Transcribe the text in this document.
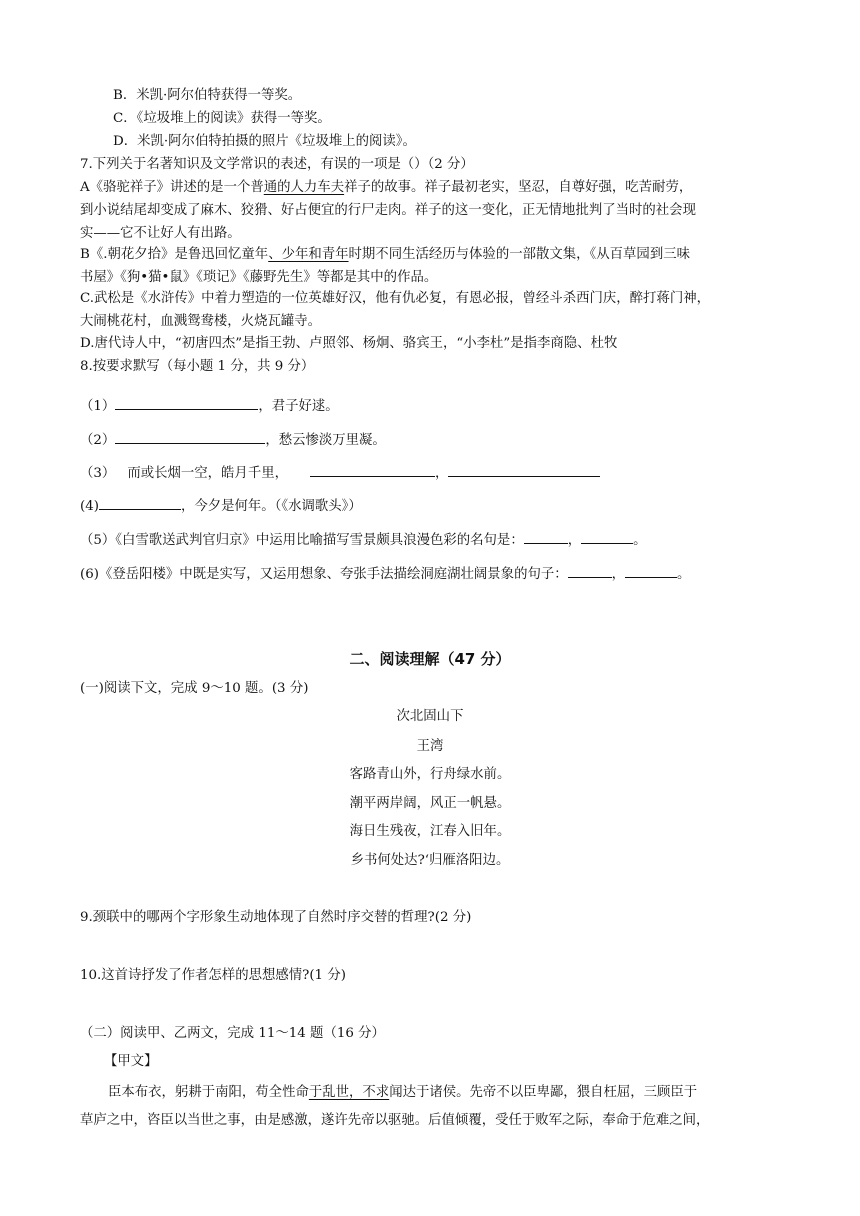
B．米凯·阿尔伯特获得一等奖。
C．《垃圾堆上的阅读》获得一等奖。
D．米凯·阿尔伯特拍摄的照片《垃圾堆上的阅读》。
7.下列关于名著知识及文学常识的表述，有误的一项是（）（2 分）
A《骆驼祥子》讲述的是一个普通的人力车夫祥子的故事。祥子最初老实，坚忍，自尊好强，吃苦耐劳，
到小说结尾却变成了麻木、狡猾、好占便宜的行尸走肉。祥子的这一变化，正无情地批判了当时的社会现
实——它不让好人有出路。
B《.朝花夕拾》是鲁迅回忆童年、少年和青年时期不同生活经历与体验的一部散文集，《从百草园到三味
书屋》《狗•猫•鼠》《琐记》《藤野先生》等都是其中的作品。
C.武松是《水浒传》中着力塑造的一位英雄好汉，他有仇必复，有恩必报，曾经斗杀西门庆，醉打蒋门神，
大闹桃花村，血溅鸳鸯楼，火烧瓦罐寺。
D.唐代诗人中，“初唐四杰”是指王勃、卢照邻、杨炯、骆宾王，“小李杜”是指李商隐、杜牧
8.按要求默写（每小题 1 分，共 9 分）
（1）	，君子好逑。
（2）	，愁云惨淡万里凝。
（3） 而或长烟一空，皓月千里，	，
(4)	，今夕是何年。（《水调歌头》）
（5）《白雪歌送武判官归京》中运用比喻描写雪景颇具浪漫色彩的名句是：	，	。
(6)《登岳阳楼》中既是实写，又运用想象、夸张手法描绘洞庭湖壮阔景象的句子：	，	。
二、阅读理解（47 分）
(一)阅读下文，完成 9～10 题。(3 分)
次北固山下
王湾
客路青山外，行舟绿水前。
潮平两岸阔，风正一帆悬。
海日生残夜，江春入旧年。
乡书何处达?‘归雁洛阳边。
9.颈联中的哪两个字形象生动地体现了自然时序交替的哲理?(2 分)
10.这首诗抒发了作者怎样的思想感情?(1 分)
（二）阅读甲、乙两文，完成 11～14 题（16 分）
【甲文】
臣本布衣，躬耕于南阳，苟全性命于乱世，不求闻达于诸侯。先帝不以臣卑鄙，猥自枉屈，三顾臣于
草庐之中，咨臣以当世之事，由是感激，遂许先帝以驱驰。后值倾覆，受任于败军之际，奉命于危难之间，
